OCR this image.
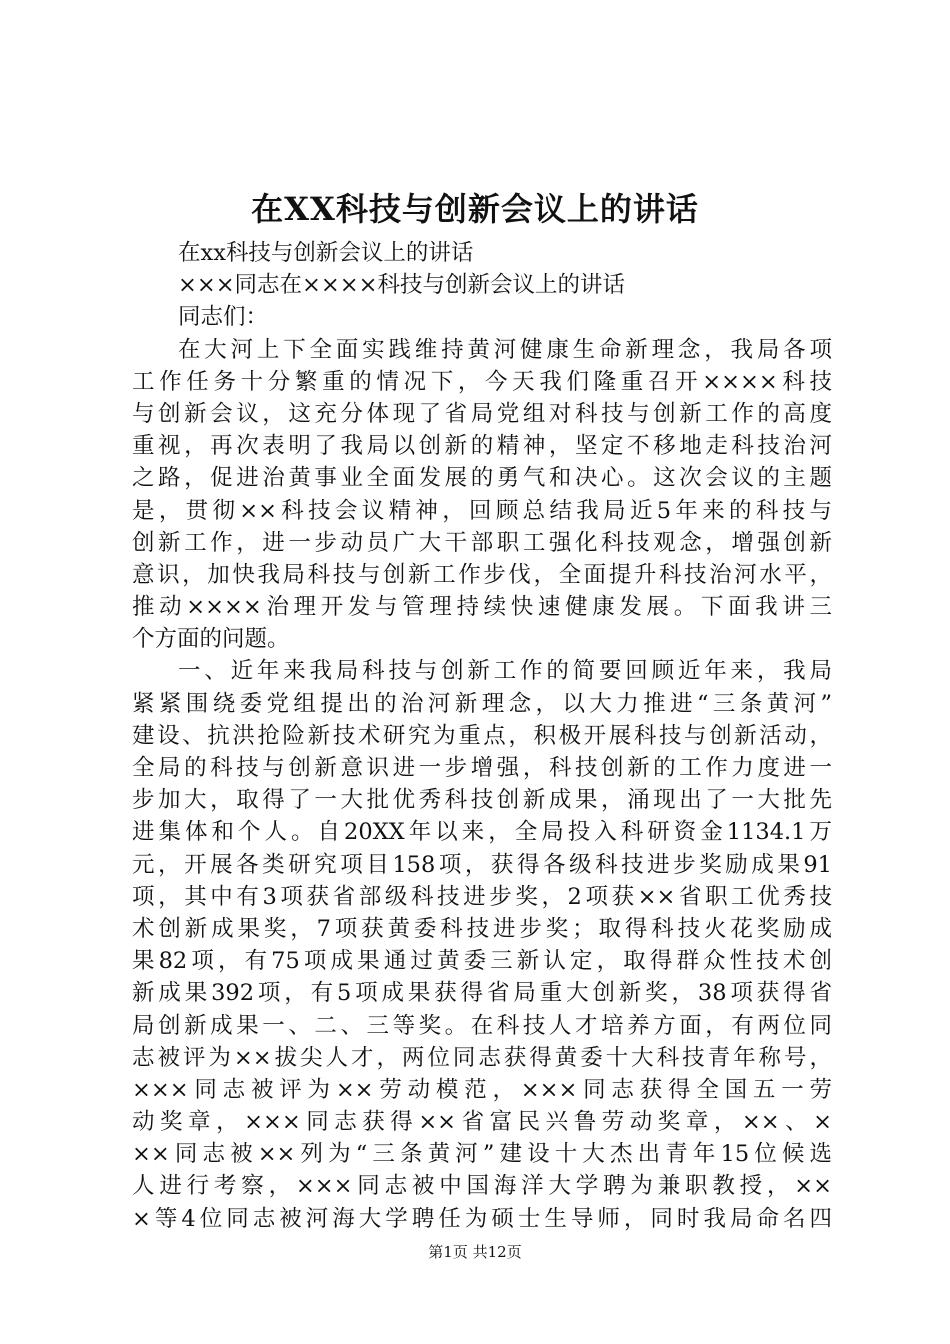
在XX科技与创新会议上的讲话
在xx科技与创新会议上的讲话
×××同志在××××科技与创新会议上的讲话
同志们：
在大河上下全面实践维持黄河健康生命新理念，我局各项
工作任务十分繁重的情况下，今天我们隆重召开××××科技
与创新会议，这充分体现了省局党组对科技与创新工作的高度
重视，再次表明了我局以创新的精神，坚定不移地走科技治河
之路，促进治黄事业全面发展的勇气和决心。这次会议的主题
是，贯彻××科技会议精神，回顾总结我局近5年来的科技与
创新工作，进一步动员广大干部职工强化科技观念，增强创新
意识，加快我局科技与创新工作步伐，全面提升科技治河水平，
推动××××治理开发与管理持续快速健康发展。下面我讲三
个方面的问题。
一、近年来我局科技与创新工作的简要回顾近年来，我局
紧紧围绕委党组提出的治河新理念，以大力推进“三条黄河”
建设、抗洪抢险新技术研究为重点，积极开展科技与创新活动，
全局的科技与创新意识进一步增强，科技创新的工作力度进一
步加大，取得了一大批优秀科技创新成果，涌现出了一大批先
进集体和个人。自20XX年以来，全局投入科研资金1134.1万
元，开展各类研究项目158项，获得各级科技进步奖励成果91
项，其中有3项获省部级科技进步奖，2项获××省职工优秀技
术创新成果奖，7项获黄委科技进步奖；取得科技火花奖励成
果82项，有75项成果通过黄委三新认定，取得群众性技术创
新成果392项，有5项成果获得省局重大创新奖，38项获得省
局创新成果一、二、三等奖。在科技人才培养方面，有两位同
志被评为××拔尖人才，两位同志获得黄委十大科技青年称号，
×××同志被评为××劳动模范，×××同志获得全国五一劳
动奖章，×××同志获得××省富民兴鲁劳动奖章，××、×
××同志被××列为“三条黄河”建设十大杰出青年15位候选
人进行考察，×××同志被中国海洋大学聘为兼职教授，××
×等4位同志被河海大学聘任为硕士生导师，同时我局命名四
第1页 共12页
